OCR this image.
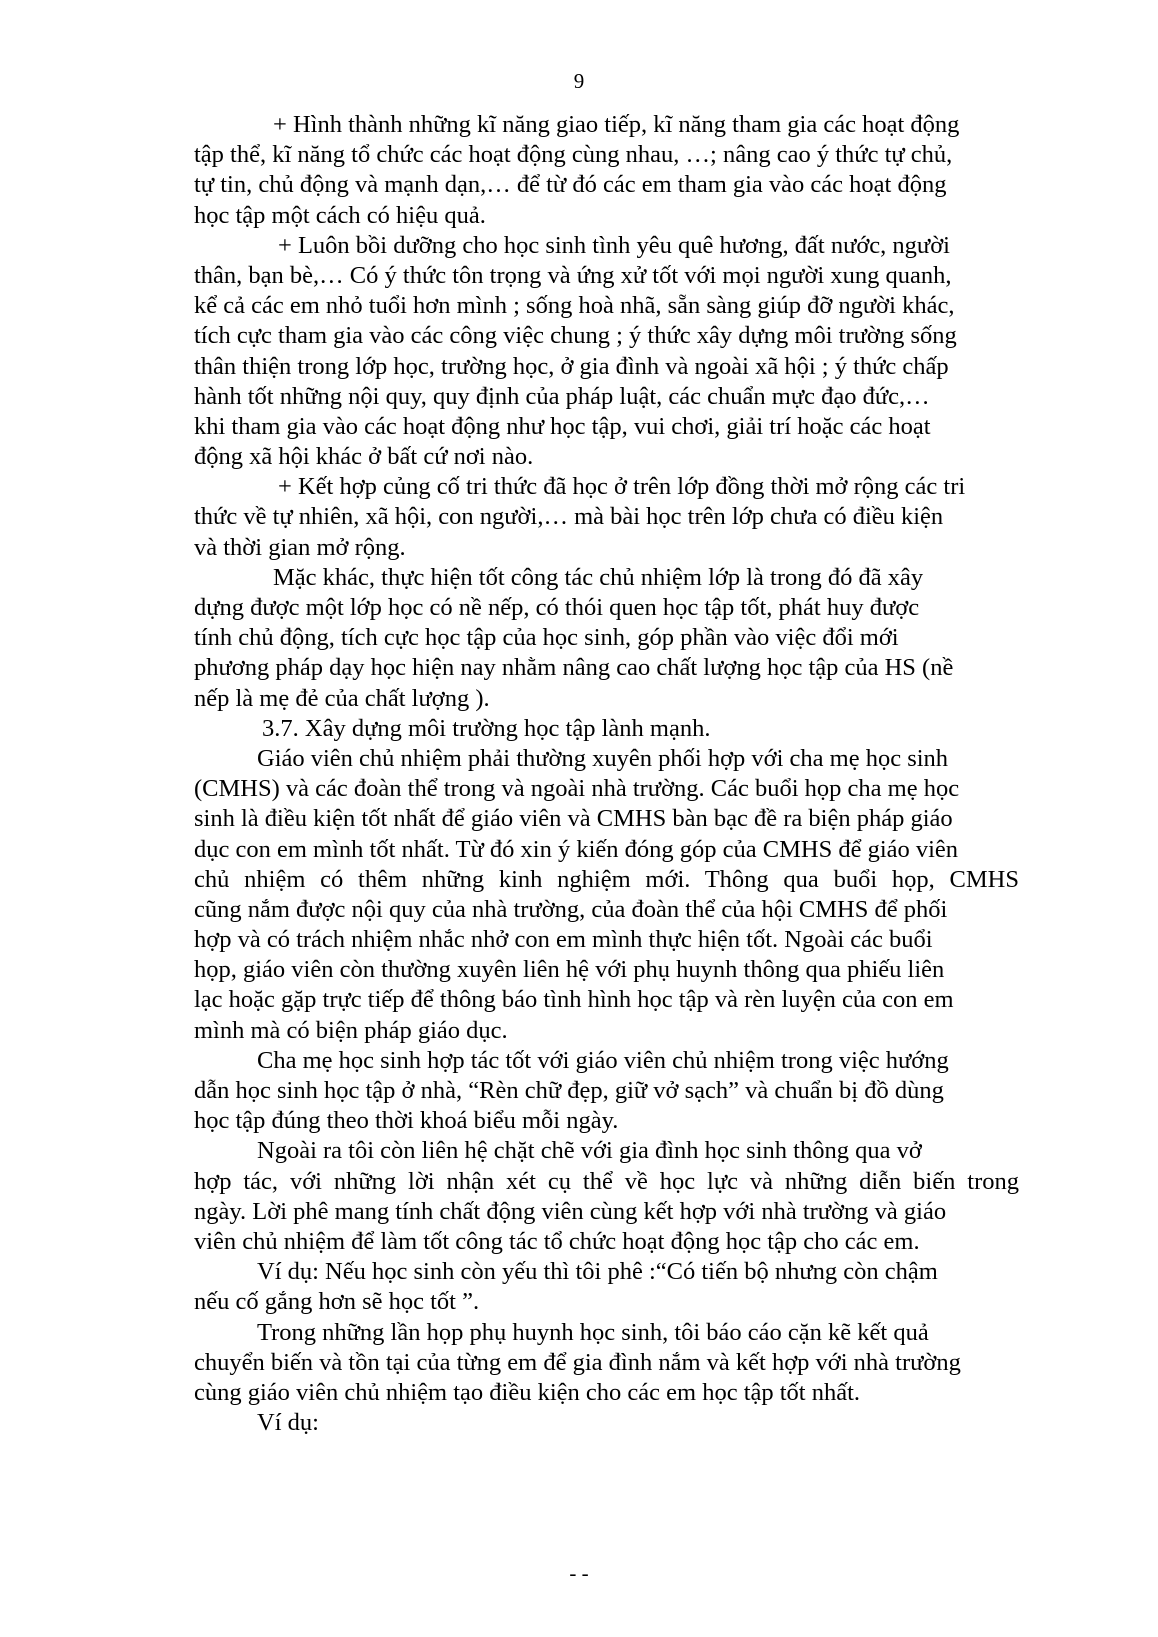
9
+ Hình thành những kĩ năng giao tiếp, kĩ năng tham gia các hoạt động
tập thể, kĩ năng tổ chức các hoạt động cùng nhau, …; nâng cao ý thức tự chủ,
tự tin, chủ động và mạnh dạn,… để từ đó các em tham gia vào các hoạt động
học tập một cách có hiệu quả.
+ Luôn bồi dưỡng cho học sinh tình yêu quê hương, đất nước, người
thân, bạn bè,… Có ý thức tôn trọng và ứng xử tốt với mọi người xung quanh,
kể cả các em nhỏ tuổi hơn mình ; sống hoà nhã, sẵn sàng giúp đỡ người khác,
tích cực tham gia vào các công việc chung ; ý thức xây dựng môi trường sống
thân thiện trong lớp học, trường học, ở gia đình và ngoài xã hội ; ý thức chấp
hành tốt những nội quy, quy định của pháp luật, các chuẩn mực đạo đức,…
khi tham gia vào các hoạt động như học tập, vui chơi, giải trí hoặc các hoạt
động xã hội khác ở bất cứ nơi nào.
+ Kết hợp củng cố tri thức đã học ở trên lớp đồng thời mở rộng các tri
thức về tự nhiên, xã hội, con người,… mà bài học trên lớp chưa có điều kiện
và thời gian mở rộng.
Mặc khác, thực hiện tốt công tác chủ nhiệm lớp là trong đó đã xây
dựng được một lớp học có nề nếp, có thói quen học tập tốt, phát huy được
tính chủ động, tích cực học tập của học sinh, góp phần vào việc đổi mới
phương pháp dạy học hiện nay nhằm nâng cao chất lượng học tập của HS (nề
nếp là mẹ đẻ của chất lượng ).
3.7. Xây dựng môi trường học tập lành mạnh.
Giáo viên chủ nhiệm phải thường xuyên phối hợp với cha mẹ học sinh
(CMHS) và các đoàn thể trong và ngoài nhà trường. Các buổi họp cha mẹ học
sinh là điều kiện tốt nhất để giáo viên và CMHS bàn bạc đề ra biện pháp giáo
dục con em mình tốt nhất. Từ đó xin ý kiến đóng góp của CMHS để giáo viên
chủ nhiệm có thêm những kinh nghiệm mới. Thông qua buổi họp, CMHS
cũng nắm được nội quy của nhà trường, của đoàn thể của hội CMHS để phối
hợp và có trách nhiệm nhắc nhở con em mình thực hiện tốt. Ngoài các buổi
họp, giáo viên còn thường xuyên liên hệ với phụ huynh thông qua phiếu liên
lạc hoặc gặp trực tiếp để thông báo tình hình học tập và rèn luyện của con em
mình mà có biện pháp giáo dục.
Cha mẹ học sinh hợp tác tốt với giáo viên chủ nhiệm trong việc hướng
dẫn học sinh học tập ở nhà, “Rèn chữ đẹp, giữ vở sạch” và chuẩn bị đồ dùng
học tập đúng theo thời khoá biểu mỗi ngày.
Ngoài ra tôi còn liên hệ chặt chẽ với gia đình học sinh thông qua vở
hợp tác, với những lời nhận xét cụ thể về học lực và những diễn biến trong
ngày. Lời phê mang tính chất động viên cùng kết hợp với nhà trường và giáo
viên chủ nhiệm để làm tốt công tác tổ chức hoạt động học tập cho các em.
Ví dụ: Nếu học sinh còn yếu thì tôi phê :“Có tiến bộ nhưng còn chậm
nếu cố gắng hơn sẽ học tốt ”.
Trong những lần họp phụ huynh học sinh, tôi báo cáo cặn kẽ kết quả
chuyển biến và tồn tại của từng em để gia đình nắm và kết hợp với nhà trường
cùng giáo viên chủ nhiệm tạo điều kiện cho các em học tập tốt nhất.
Ví dụ:
- -
